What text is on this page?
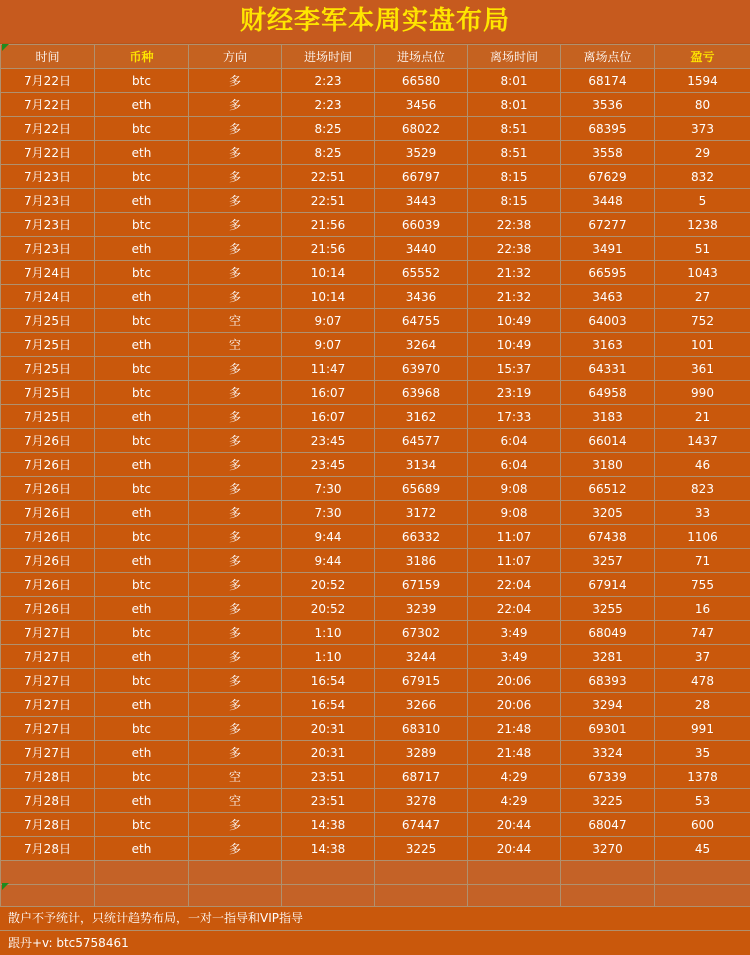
财经李军本周实盘布局
时间	币种	方向	进场时间	进场点位	离场时间	离场点位	盈亏
7月22日	btc	多	2:23	66580	8:01	68174	1594
7月22日	eth	多	2:23	3456	8:01	3536	80
7月22日	btc	多	8:25	68022	8:51	68395	373
7月22日	eth	多	8:25	3529	8:51	3558	29
7月23日	btc	多	22:51	66797	8:15	67629	832
7月23日	eth	多	22:51	3443	8:15	3448	5
7月23日	btc	多	21:56	66039	22:38	67277	1238
7月23日	eth	多	21:56	3440	22:38	3491	51
7月24日	btc	多	10:14	65552	21:32	66595	1043
7月24日	eth	多	10:14	3436	21:32	3463	27
7月25日	btc	空	9:07	64755	10:49	64003	752
7月25日	eth	空	9:07	3264	10:49	3163	101
7月25日	btc	多	11:47	63970	15:37	64331	361
7月25日	btc	多	16:07	63968	23:19	64958	990
7月25日	eth	多	16:07	3162	17:33	3183	21
7月26日	btc	多	23:45	64577	6:04	66014	1437
7月26日	eth	多	23:45	3134	6:04	3180	46
7月26日	btc	多	7:30	65689	9:08	66512	823
7月26日	eth	多	7:30	3172	9:08	3205	33
7月26日	btc	多	9:44	66332	11:07	67438	1106
7月26日	eth	多	9:44	3186	11:07	3257	71
7月26日	btc	多	20:52	67159	22:04	67914	755
7月26日	eth	多	20:52	3239	22:04	3255	16
7月27日	btc	多	1:10	67302	3:49	68049	747
7月27日	eth	多	1:10	3244	3:49	3281	37
7月27日	btc	多	16:54	67915	20:06	68393	478
7月27日	eth	多	16:54	3266	20:06	3294	28
7月27日	btc	多	20:31	68310	21:48	69301	991
7月27日	eth	多	20:31	3289	21:48	3324	35
7月28日	btc	空	23:51	68717	4:29	67339	1378
7月28日	eth	空	23:51	3278	4:29	3225	53
7月28日	btc	多	14:38	67447	20:44	68047	600
7月28日	eth	多	14:38	3225	20:44	3270	45

散户不予统计，只统计趋势布局，一对一指导和VIP指导
跟丹+v: btc5758461
